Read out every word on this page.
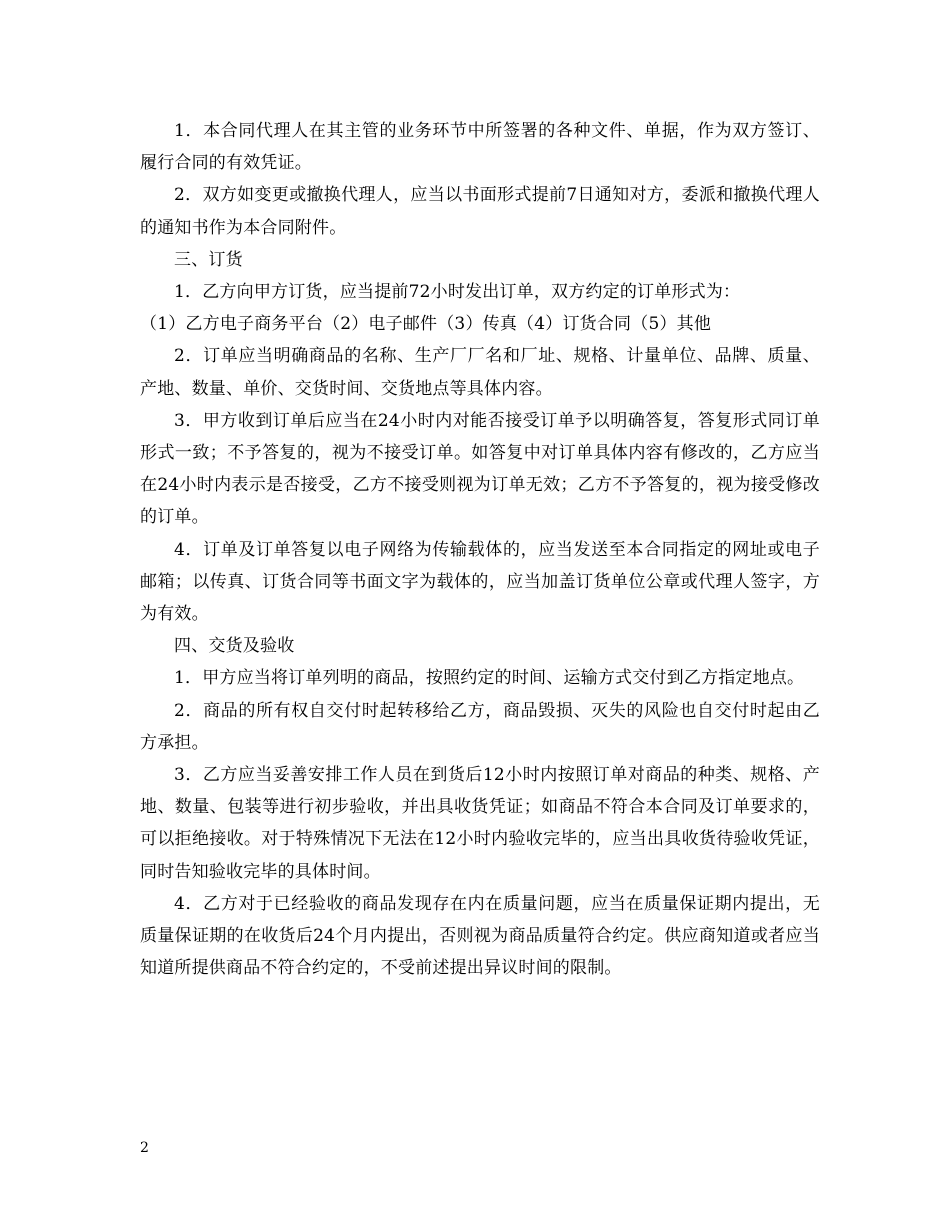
1．本合同代理人在其主管的业务环节中所签署的各种文件、单据，作为双方签订、履行合同的有效凭证。

2．双方如变更或撤换代理人，应当以书面形式提前7日通知对方，委派和撤换代理人的通知书作为本合同附件。

三、订货

1．乙方向甲方订货，应当提前72小时发出订单，双方约定的订单形式为：

（1）乙方电子商务平台（2）电子邮件（3）传真（4）订货合同（5）其他

2．订单应当明确商品的名称、生产厂厂名和厂址、规格、计量单位、品牌、质量、产地、数量、单价、交货时间、交货地点等具体内容。

3．甲方收到订单后应当在24小时内对能否接受订单予以明确答复，答复形式同订单形式一致；不予答复的，视为不接受订单。如答复中对订单具体内容有修改的，乙方应当在24小时内表示是否接受，乙方不接受则视为订单无效；乙方不予答复的，视为接受修改的订单。

4．订单及订单答复以电子网络为传输载体的，应当发送至本合同指定的网址或电子邮箱；以传真、订货合同等书面文字为载体的，应当加盖订货单位公章或代理人签字，方为有效。

四、交货及验收

1．甲方应当将订单列明的商品，按照约定的时间、运输方式交付到乙方指定地点。

2．商品的所有权自交付时起转移给乙方，商品毁损、灭失的风险也自交付时起由乙方承担。

3．乙方应当妥善安排工作人员在到货后12小时内按照订单对商品的种类、规格、产地、数量、包装等进行初步验收，并出具收货凭证；如商品不符合本合同及订单要求的，可以拒绝接收。对于特殊情况下无法在12小时内验收完毕的，应当出具收货待验收凭证，同时告知验收完毕的具体时间。

4．乙方对于已经验收的商品发现存在内在质量问题，应当在质量保证期内提出，无质量保证期的在收货后24个月内提出，否则视为商品质量符合约定。供应商知道或者应当知道所提供商品不符合约定的，不受前述提出异议时间的限制。

2
